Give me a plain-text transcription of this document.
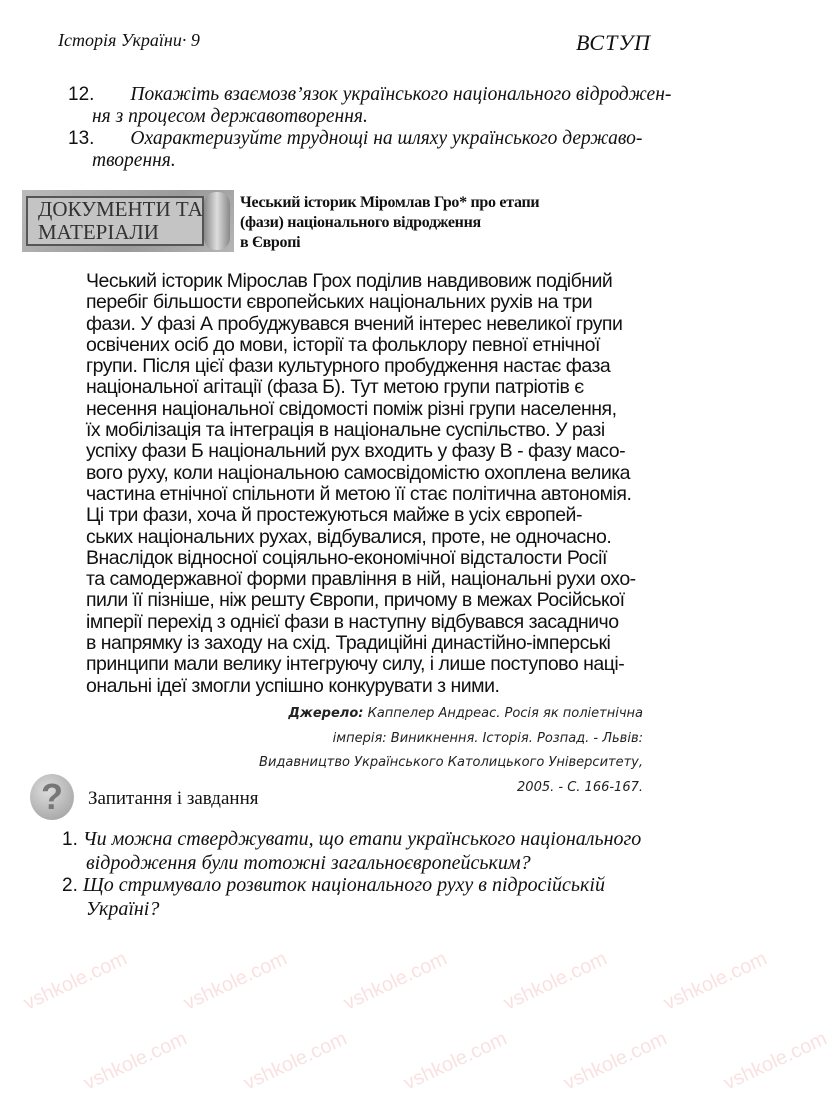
vshkole.com vshkole.com vshkole.com vshkole.com vshkole.com
vshkole.com vshkole.com vshkole.com vshkole.com vshkole.com
Історія України· 9	ВСТУП
12. Покажіть взаємозв’язок українського національного відроджен-
ня з процесом державотворення.
13. Охарактеризуйте труднощі на шляху українського державо-
творення.
ДОКУМЕНТИ ТА
МАТЕРІАЛИ
Чеський історик Міромлав Гро* про етапи
(фази) національного відродження
в Європі
Чеський історик Мірослав Грох поділив навдивовиж подібний
перебіг більшости європейських національних рухів на три
фази. У фазі А пробуджувався вчений інтерес невеликої групи
освічених осіб до мови, історії та фольклору певної етнічної
групи. Після цієї фази культурного пробудження настає фаза
національної агітації (фаза Б). Тут метою групи патріотів є
несення національної свідомості поміж різні групи населення,
їх мобілізація та інтеграція в національне суспільство. У разі
успіху фази Б національний рух входить у фазу В - фазу масо-
вого руху, коли національною самосвідомістю охоплена велика
частина етнічної спільноти й метою її стає політична автономія.
Ці три фази, хоча й простежуються майже в усіх європей-
ських національних рухах, відбувалися, проте, не одночасно.
Внаслідок відносної соціяльно-економічної відсталости Росії
та самодержавної форми правління в ній, національні рухи охо-
пили її пізніше, ніж решту Європи, причому в межах Російської
імперії перехід з однієї фази в наступну відбувався засадничо
в напрямку із заходу на схід. Традиційні династійно-імперські
принципи мали велику інтегруючу силу, і лише поступово наці-
ональні ідеї змогли успішно конкурувати з ними.
Джерело: Каппелер Андреас. Росія як поліетнічна
імперія: Виникнення. Історія. Розпад. - Львів:
Видавництво Українського Католицького Університету,
2005. - С. 166-167.
?	Запитання і завдання
1. Чи можна стверджувати, що етапи українського національного
відродження були тотожні загальноєвропейським?
2. Що стримувало розвиток національного руху в підросійській
Україні?
